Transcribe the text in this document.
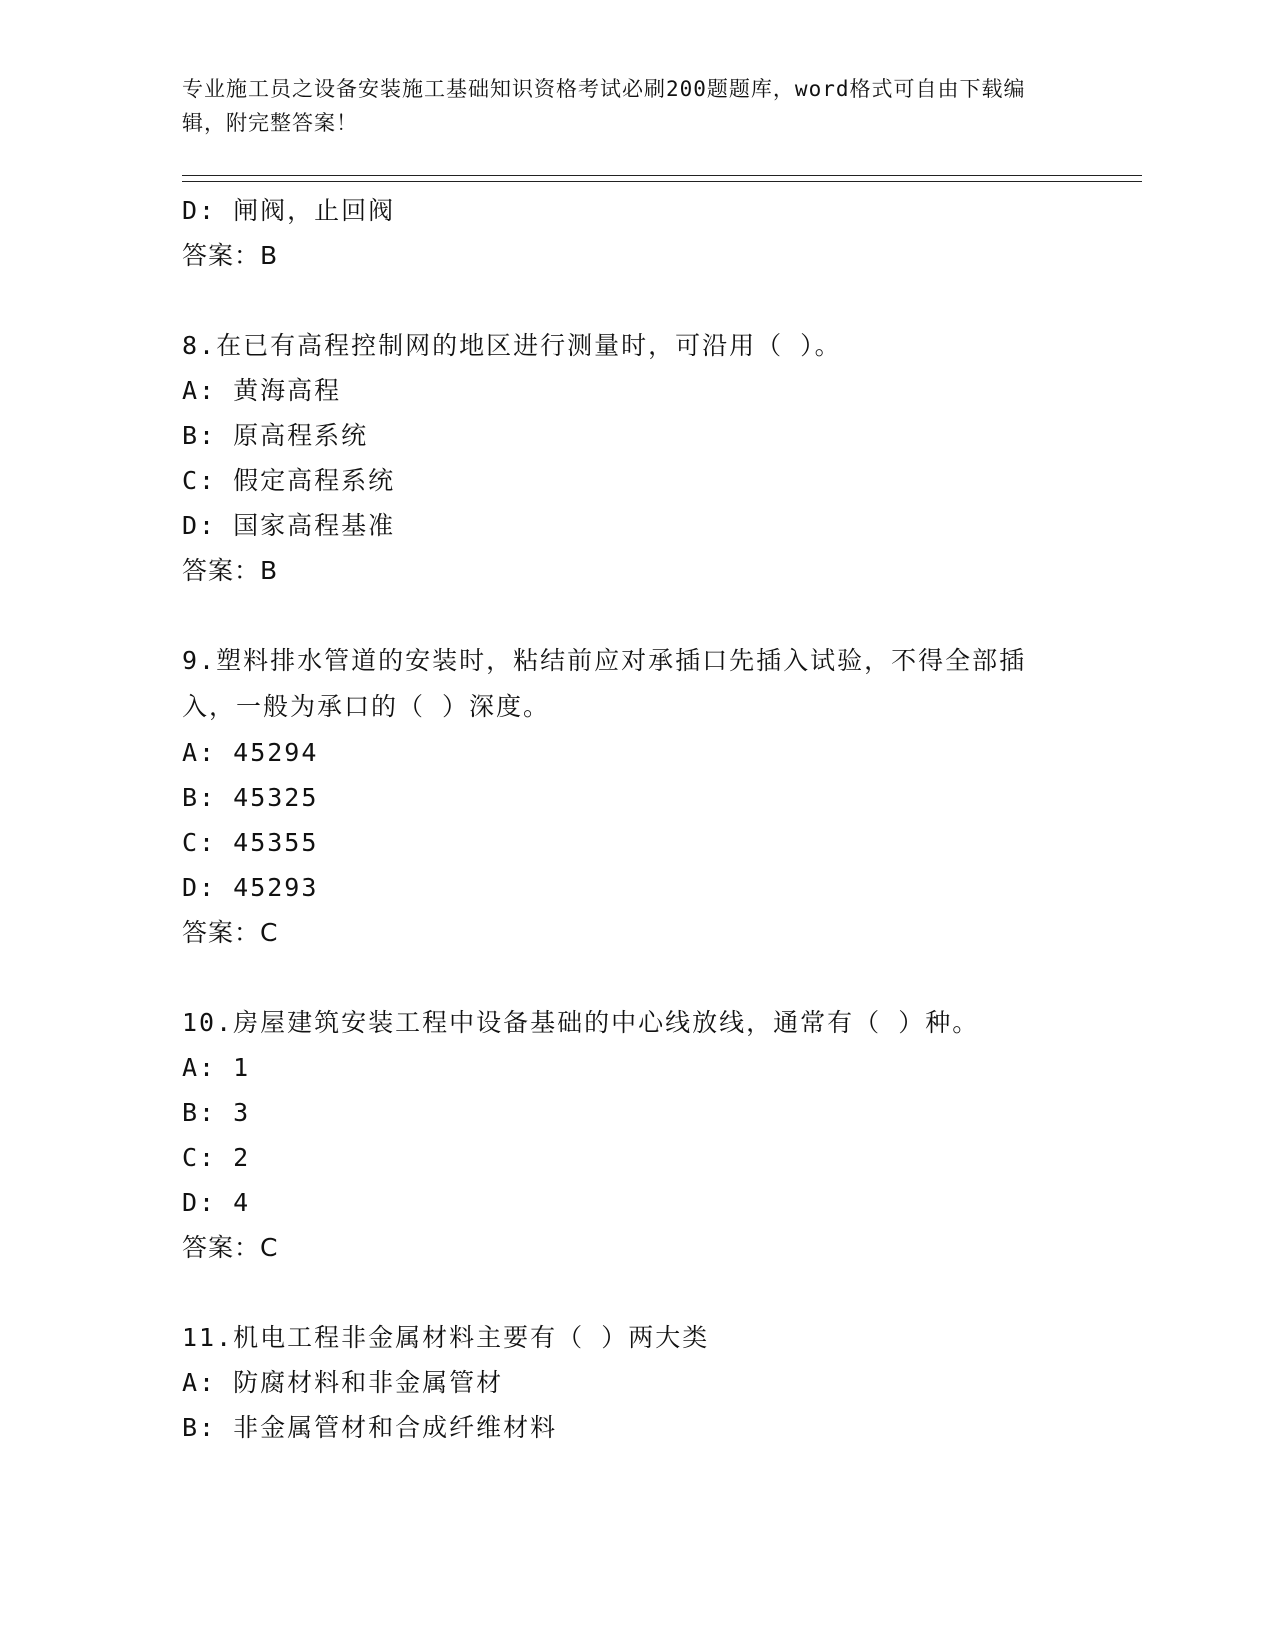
专业施工员之设备安装施工基础知识资格考试必刷200题题库，word格式可自由下载编辑，附完整答案！
D: 闸阀，止回阀
答案：B
8.在已有高程控制网的地区进行测量时，可沿用（ ）。
A: 黄海高程
B: 原高程系统
C: 假定高程系统
D: 国家高程基准
答案：B
9.塑料排水管道的安装时，粘结前应对承插口先插入试验，不得全部插入，一般为承口的（ ）深度。
A: 45294
B: 45325
C: 45355
D: 45293
答案：C
10.房屋建筑安装工程中设备基础的中心线放线，通常有（ ）种。
A: 1
B: 3
C: 2
D: 4
答案：C
11.机电工程非金属材料主要有（ ）两大类
A: 防腐材料和非金属管材
B: 非金属管材和合成纤维材料
